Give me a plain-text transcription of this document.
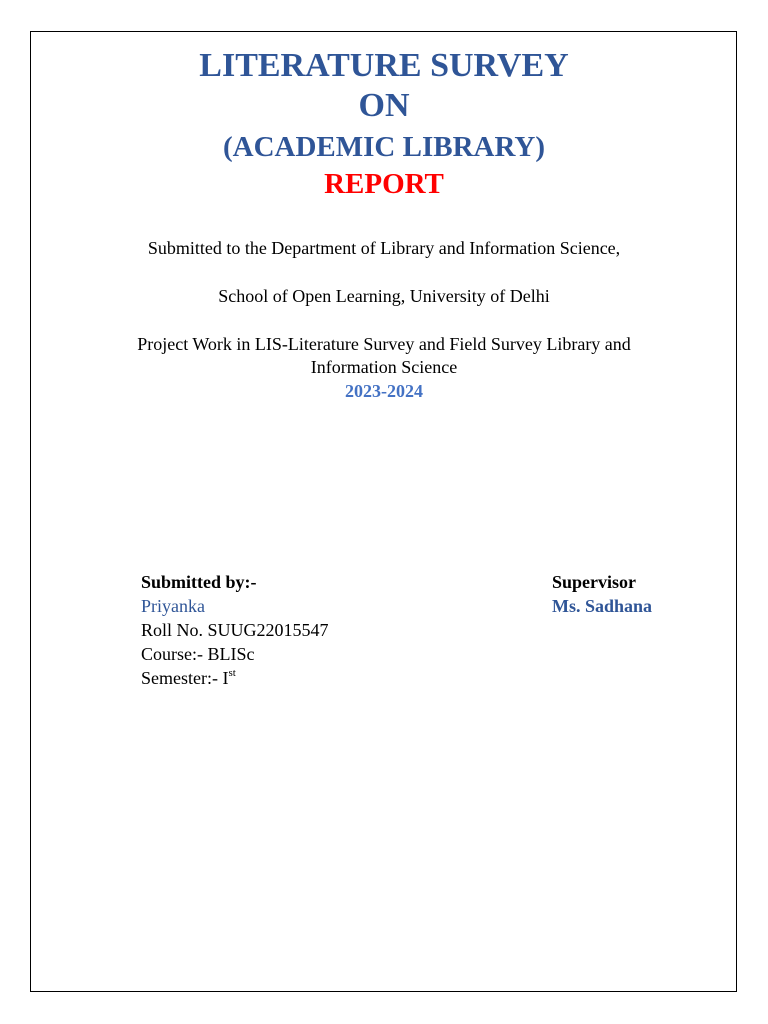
LITERATURE SURVEY
ON
(ACADEMIC LIBRARY)
REPORT
Submitted to the Department of Library and Information Science,
School of Open Learning, University of Delhi
Project Work in LIS-Literature Survey and Field Survey Library and
Information Science
2023-2024
Submitted by:-
Priyanka
Roll No. SUUG22015547
Course:- BLISc
Semester:- Ist
Supervisor
Ms. Sadhana
